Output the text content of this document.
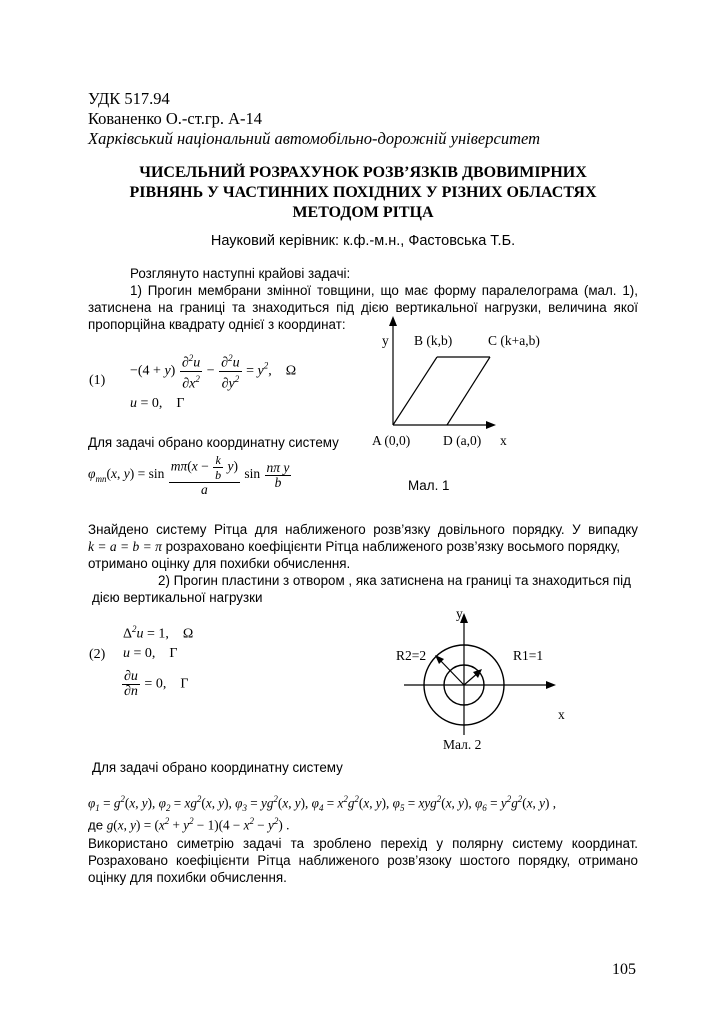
УДК 517.94
Кованенко О.-ст.гр. А-14
Харківський національний автомобільно-дорожній університет
ЧИСЕЛЬНИЙ РОЗРАХУНОК РОЗВ’ЯЗКІВ ДВОВИМІРНИХ
РІВНЯНЬ У ЧАСТИННИХ ПОХІДНИХ У РІЗНИХ ОБЛАСТЯХ
МЕТОДОМ РІТЦА
Науковий керівник: к.ф.-м.н., Фастовська Т.Б.
Розглянуто наступні крайові задачі:
1) Прогин мембрани змінної товщини, що має форму паралелограма (мал. 1),
затиснена на границі та знаходиться під дією вертикальної нагрузки, величина якої
пропорційна квадрату однієї з координат:
(1)
$-(4 + y) \frac{\partial^2u}{\partial x^2} - \frac{\partial^2u}{\partial y^2} = y^2$,    Ω
u = 0,    Γ
y B (k,b)	C (k+a,b)
A (0,0) D (a,0) x
Для задачі обрано координатну систему
$\varphi_{mn}(x$, $y) = \sin \frac{m\pi(x - \frac{k}{b} y)}{a}$ $\sin \frac{\text{nπ y}}{b}$	Мал. 1
Знайдено систему Рітца для наближеного розв’язку довільного порядку. У випадку
k = a = b = π розраховано коефіцієнти Рітца наближеного розв’язку восьмого порядку,
отримано оцінку для похибки обчислення.
2) Прогин пластини з отвором , яка затиснена на границі та знаходиться під
дією вертикальної нагрузки
$\Delta^2u = 1$,    Ω
(2) u = 0,    Γ
$\frac{\partial u}{\partial n} = 0$,    Γ
y
R2=2	R1=1
x
Мал. 2
Для задачі обрано координатну систему
$\varphi_1 = g^2(x$, y), $\varphi_2 = xg^2(x$, y), $\varphi_3 = yg^2(x$, y), $\varphi_4 = x^2g^2(x$, y), $\varphi_5 = xyg^2(x$, y), $\varphi_6 = y^2g^2(x$, y) ,
де g(x, $y) = (x^2 + y^2 - 1)(4 - x^2 - y^2)$ .
Використано симетрію задачі та зроблено перехід у полярну систему координат.
Розраховано коефіцієнти Рітца наближеного розв’язоку шостого порядку, отримано
оцінку для похибки обчислення.
105
